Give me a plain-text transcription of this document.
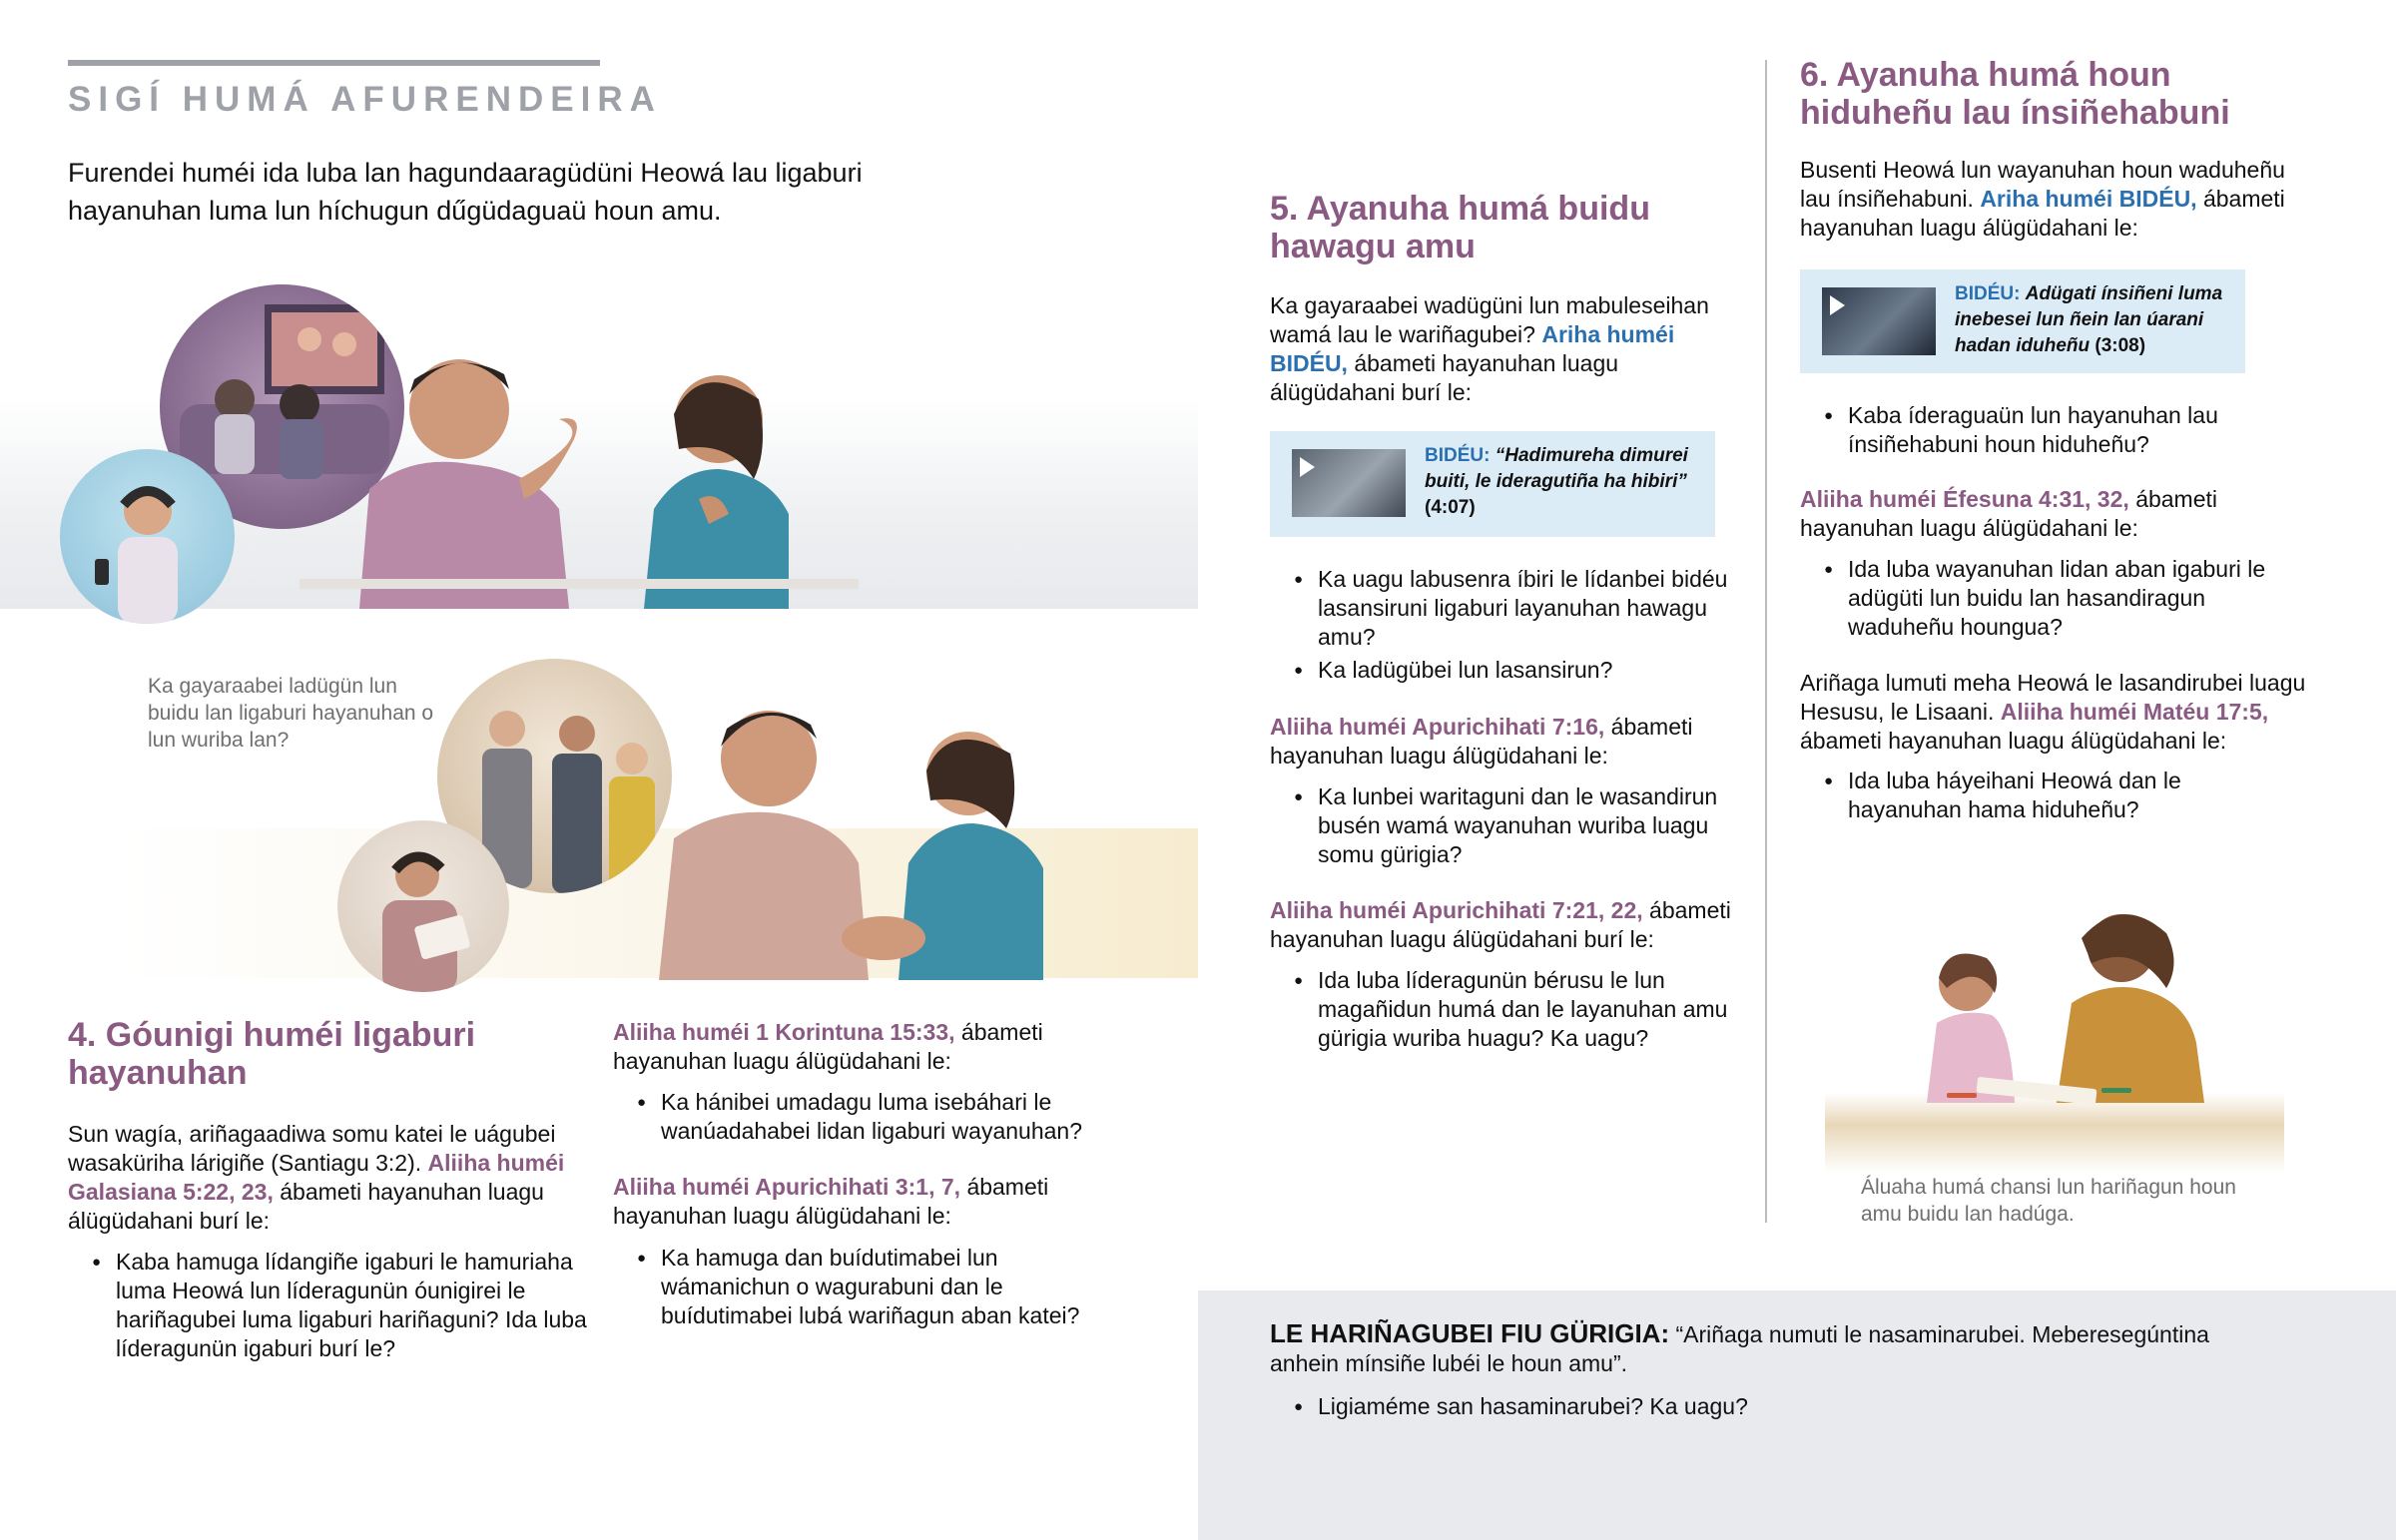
SIGÍ HUMÁ AFURENDEIRA
Furendei huméi ida luba lan hagundaaragüdüni Heowá lau ligaburi hayanuhan luma lun híchugun dűgüdaguaü houn amu.
Ka gayaraabei ladügün lun buidu lan ligaburi hayanuhan o lun wuriba lan?
4. Góunigi huméi ligaburi hayanuhan
Sun wagía, ariñagaadiwa somu katei le uágubei wasaküriha lárigiñe (Santiagu 3:2). Aliiha huméi Galasiana 5:22, 23, ábameti hayanuhan luagu álügüdahani burí le:
● Kaba hamuga lídangiñe igaburi le hamuriaha luma Heowá lun líderagunün óunigirei le hariñagubei luma ligaburi hariñaguni? Ida luba líderagunün igaburi burí le?
Aliiha huméi 1 Korintuna 15:33, ábameti hayanuhan luagu álügüdahani le:
● Ka hánibei umadagu luma isebáhari le wanúadahabei lidan ligaburi wayanuhan?
Aliiha huméi Apurichihati 3:1, 7, ábameti hayanuhan luagu álügüdahani le:
● Ka hamuga dan buídutimabei lun wámanichun o wagurabuni dan le buídutimabei lubá wariñagun aban katei?
5. Ayanuha humá buidu hawagu amu
Ka gayaraabei wadügüni lun mabuleseihan wamá lau le wariñagubei? Ariha huméi BIDÉU, ábameti hayanuhan luagu álügüdahani burí le:
BIDÉU: “Hadimureha dimurei buiti, le ideragutiña ha hibiri” (4:07)
● Ka uagu labusenra íbiri le lídanbei bidéu lasansiruni ligaburi layanuhan hawagu amu?
● Ka ladügübei lun lasansirun?
Aliiha huméi Apurichihati 7:16, ábameti hayanuhan luagu álügüdahani le:
● Ka lunbei waritaguni dan le wasandirun busén wamá wayanuhan wuriba luagu somu gürigia?
Aliiha huméi Apurichihati 7:21, 22, ábameti hayanuhan luagu álügüdahani burí le:
● Ida luba líderagunün bérusu le lun magañidun humá dan le layanuhan amu gürigia wuriba huagu? Ka uagu?
6. Ayanuha humá houn hiduheñu lau ínsiñehabuni
Busenti Heowá lun wayanuhan houn waduheñu lau ínsiñehabuni. Ariha huméi BIDÉU, ábameti hayanuhan luagu álügüdahani le:
BIDÉU: Adügati ínsiñeni luma inebesei lun ñein lan úarani hadan iduheñu (3:08)
● Kaba íderaguaün lun hayanuhan lau ínsiñehabuni houn hiduheñu?
Aliiha huméi Éfesuna 4:31, 32, ábameti hayanuhan luagu álügüdahani le:
● Ida luba wayanuhan lidan aban igaburi le adügüti lun buidu lan hasandiragun waduheñu houngua?
Ariñaga lumuti meha Heowá le lasandirubei luagu Hesusu, le Lisaani. Aliiha huméi Matéu 17:5, ábameti hayanuhan luagu álügüdahani le:
● Ida luba háyeihani Heowá dan le hayanuhan hama hiduheñu?
Áluaha humá chansi lun hariñagun houn amu buidu lan hadúga.
LE HARIÑAGUBEI FIU GÜRIGIA: “Ariñaga numuti le nasaminarubei. Meberesegúntina anhein mínsiñe lubéi le houn amu”.
● Ligiaméme san hasaminarubei? Ka uagu?
